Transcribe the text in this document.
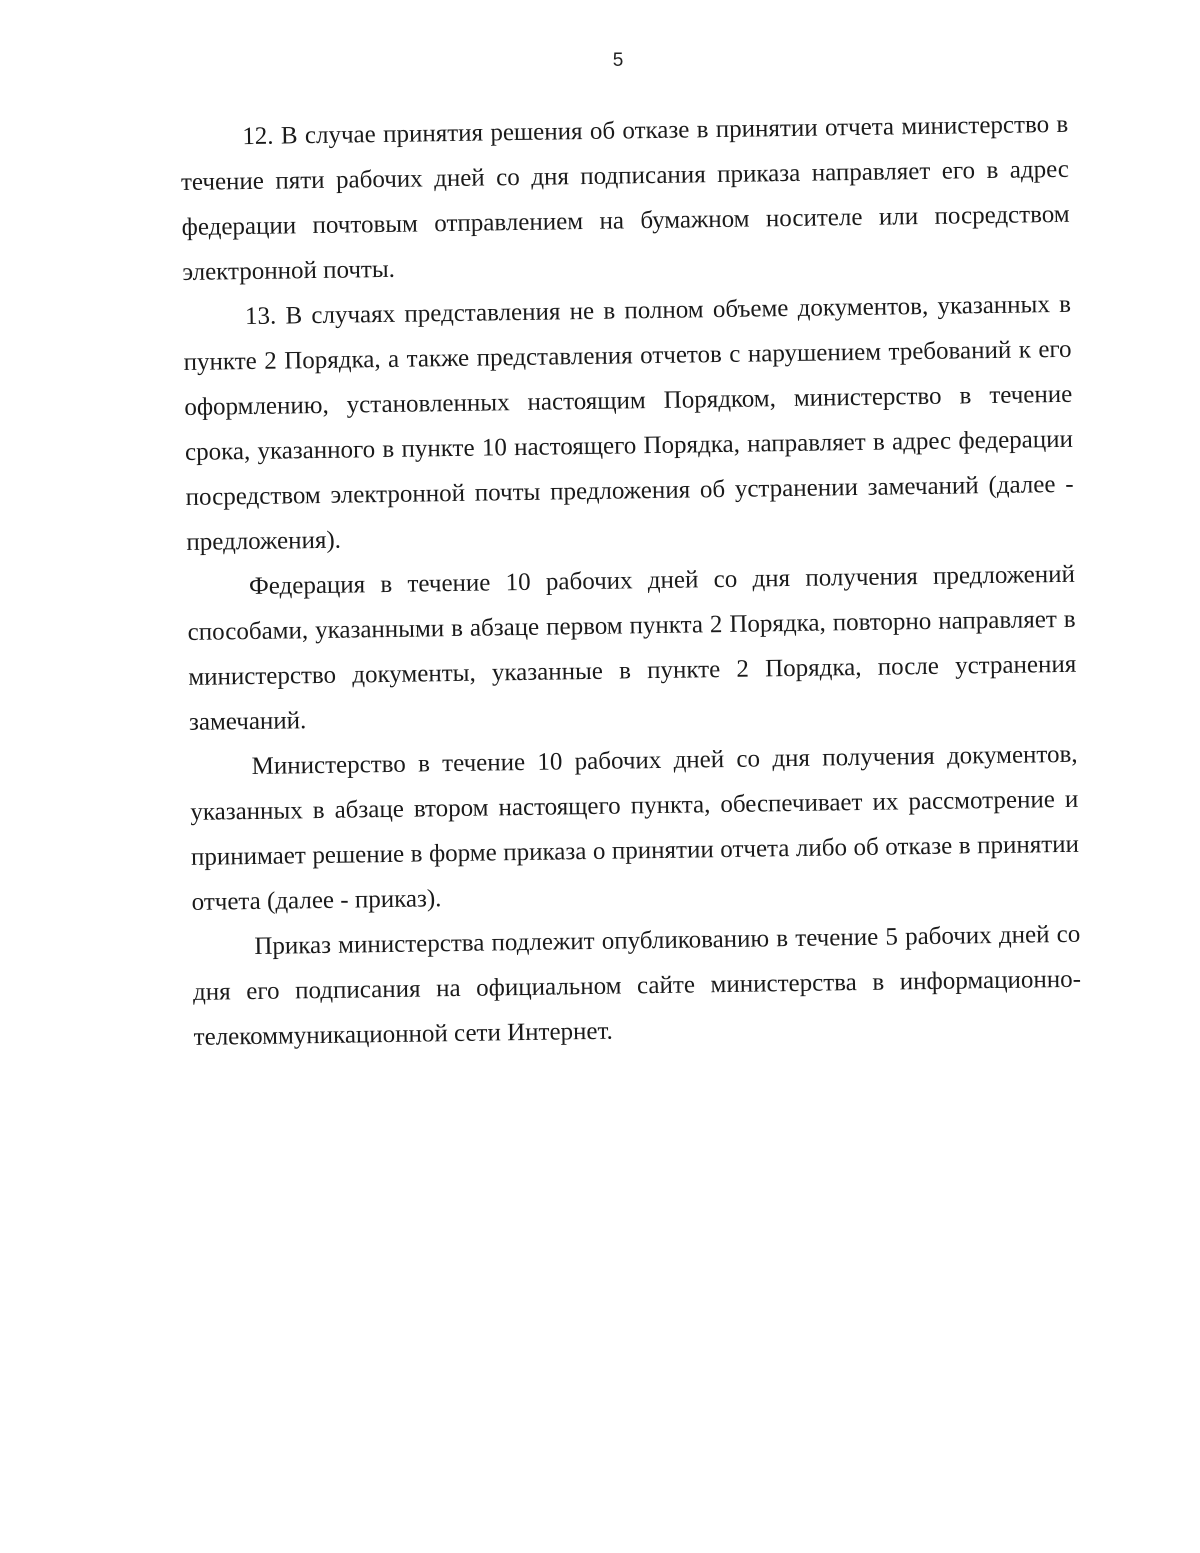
5

12. В случае принятия решения об отказе в принятии отчета министерство в течение пяти рабочих дней со дня подписания приказа направляет его в адрес федерации почтовым отправлением на бумажном носителе или посредством электронной почты.

13. В случаях представления не в полном объеме документов, указанных в пункте 2 Порядка, а также представления отчетов с нарушением требований к его оформлению, установленных настоящим Порядком, министерство в течение срока, указанного в пункте 10 настоящего Порядка, направляет в адрес федерации посредством электронной почты предложения об устранении замечаний (далее - предложения).

Федерация в течение 10 рабочих дней со дня получения предложений способами, указанными в абзаце первом пункта 2 Порядка, повторно направляет в министерство документы, указанные в пункте 2 Порядка, после устранения замечаний.

Министерство в течение 10 рабочих дней со дня получения документов, указанных в абзаце втором настоящего пункта, обеспечивает их рассмотрение и принимает решение в форме приказа о принятии отчета либо об отказе в принятии отчета (далее - приказ).

Приказ министерства подлежит опубликованию в течение 5 рабочих дней со дня его подписания на официальном сайте министерства в информационно-телекоммуникационной сети Интернет.
